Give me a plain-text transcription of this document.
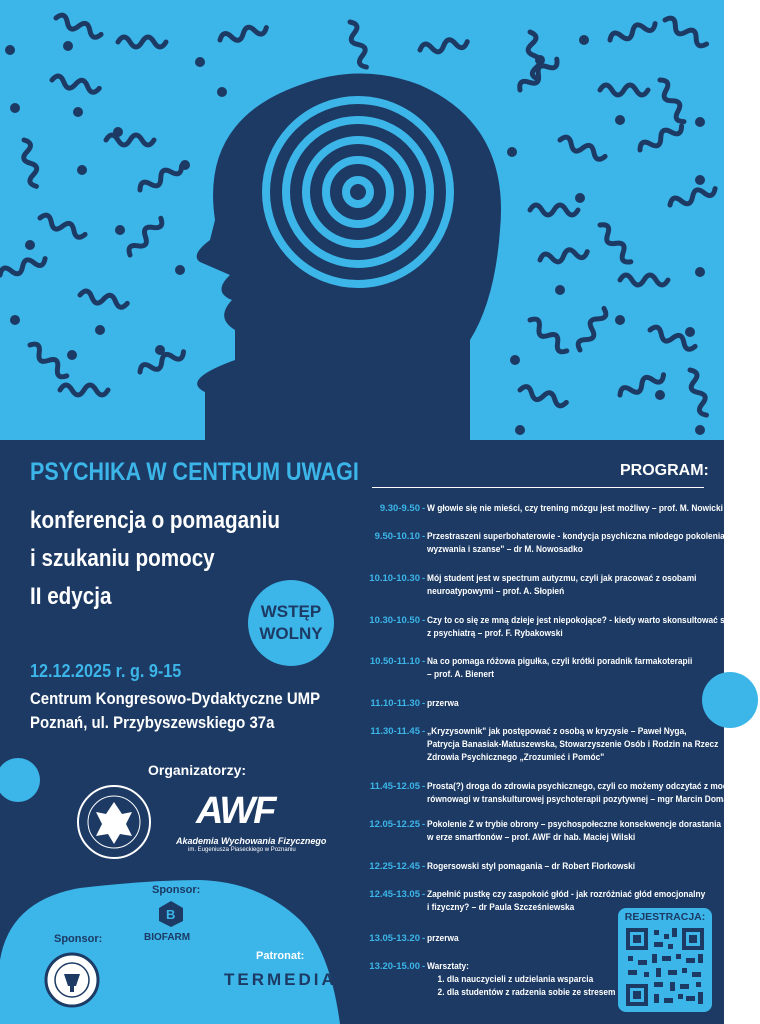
PSYCHIKA W CENTRUM UWAGI
konferencja o pomaganiu
i szukaniu pomocy
II edycja
WSTĘP
WOLNY
12.12.2025 r. g. 9-15
Centrum Kongresowo-Dydaktyczne UMP
Poznań, ul. Przybyszewskiego 37a
Organizatorzy:
AWF
Akademia Wychowania Fizycznego
im. Eugeniusza Piaseckiego w Poznaniu
Sponsor:
B
BIOFARM
Sponsor:
Patronat:
TERMEDIA
PROGRAM:
9.30-9.50 - W głowie się nie mieści, czy trening mózgu jest możliwy – prof. M. Nowicki
9.50-10.10 - Przestraszeni superbohaterowie - kondycja psychiczna młodego pokolenia,
wyzwania i szanse" – dr M. Nowosadko
10.10-10.30 - Mój student jest w spectrum autyzmu, czyli jak pracować z osobami
neuroatypowymi – prof. A. Słopień
10.30-10.50 - Czy to co się ze mną dzieje jest niepokojące? - kiedy warto skonsultować się
z psychiatrą – prof. F. Rybakowski
10.50-11.10 - Na co pomaga różowa pigułka, czyli krótki poradnik farmakoterapii
– prof. A. Bienert
11.10-11.30 - przerwa
11.30-11.45 - „Kryzysownik" jak postępować z osobą w kryzysie – Paweł Nyga,
Patrycja Banasiak-Matuszewska, Stowarzyszenie Osób i Rodzin na Rzecz
Zdrowia Psychicznego „Zrozumieć i Pomóc"
11.45-12.05 - Prosta(?) droga do zdrowia psychicznego, czyli co możemy odczytać z modelu
równowagi w transkulturowej psychoterapii pozytywnej – mgr Marcin Domaszewski
12.05-12.25 - Pokolenie Z w trybie obrony – psychospołeczne konsekwencje dorastania
w erze smartfonów – prof. AWF dr hab. Maciej Wilski
12.25-12.45 - Rogersowski styl pomagania – dr Robert Florkowski
12.45-13.05 - Zapełnić pustkę czy zaspokoić głód - jak rozróżniać głód emocjonalny
i fizyczny? – dr Paula Szcześniewska
13.05-13.20 - przerwa
13.20-15.00 - Warsztaty:

1. dla nauczycieli z udzielania wsparcia
2. dla studentów z radzenia sobie ze stresem
REJESTRACJA:
